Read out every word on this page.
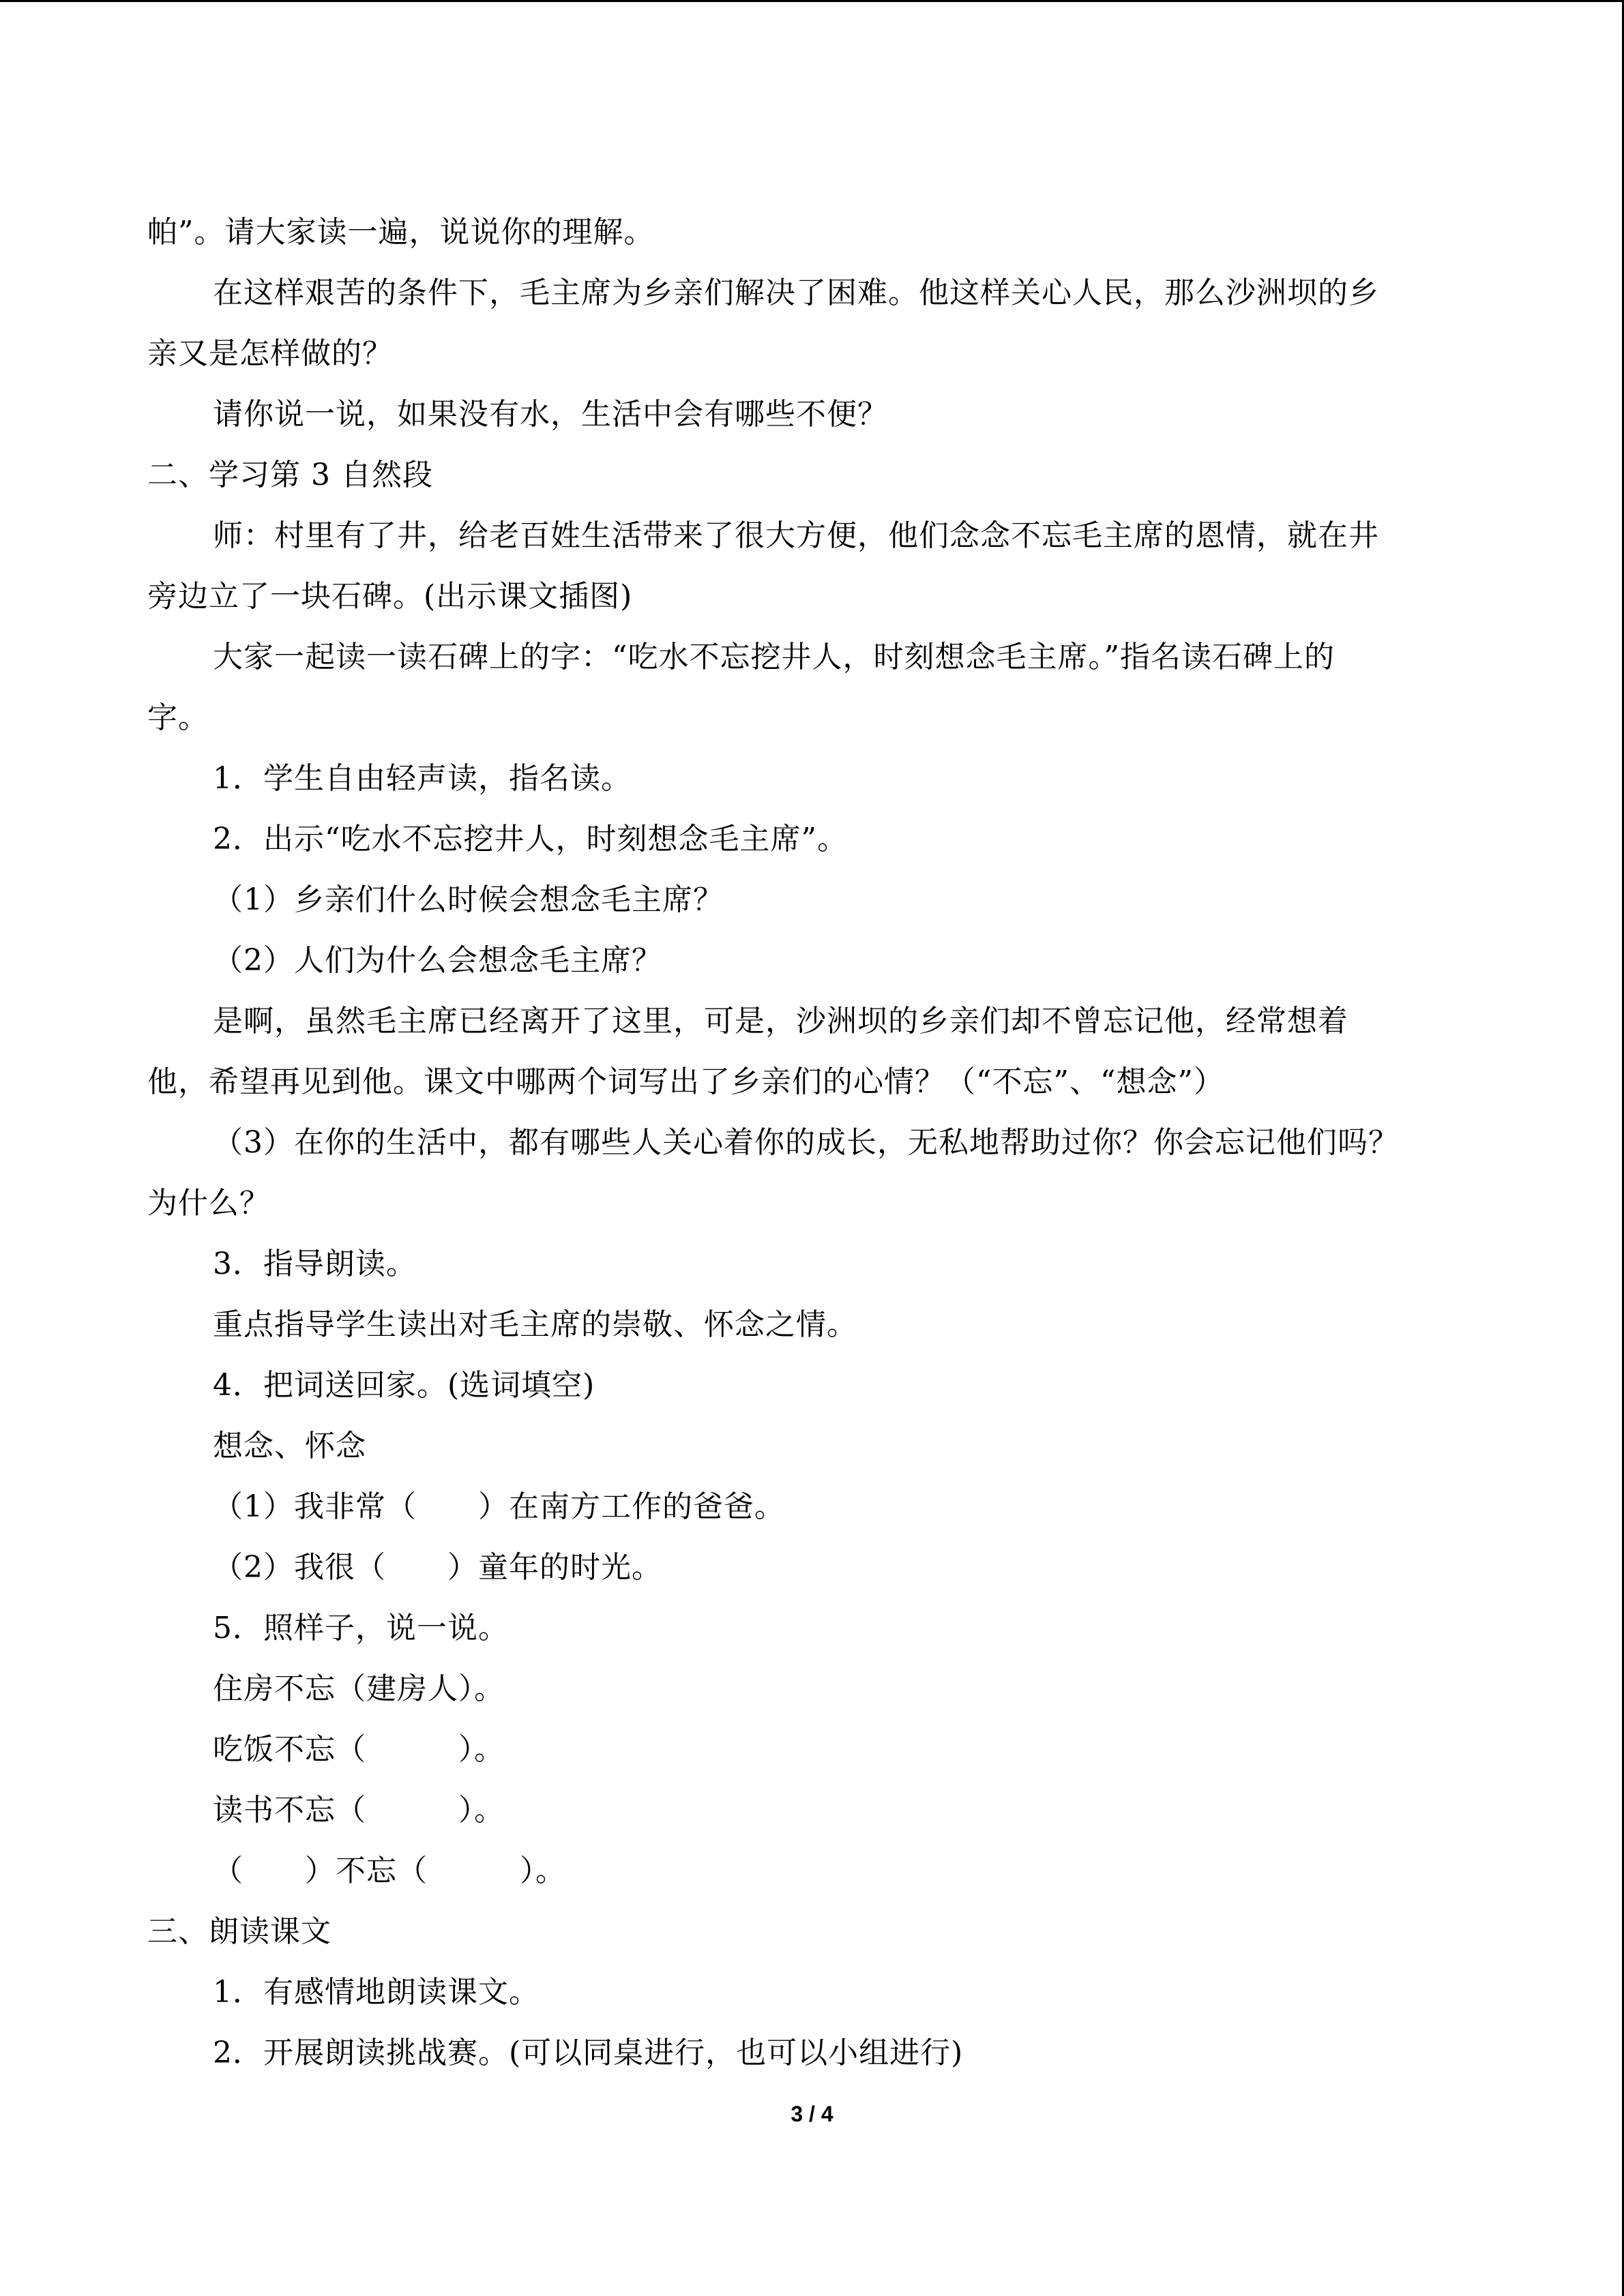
帕”。请大家读一遍，说说你的理解。
在这样艰苦的条件下，毛主席为乡亲们解决了困难。他这样关心人民，那么沙洲坝的乡
亲又是怎样做的？
请你说一说，如果没有水，生活中会有哪些不便？
二、学习第 3 自然段
师：村里有了井，给老百姓生活带来了很大方便，他们念念不忘毛主席的恩情，就在井
旁边立了一块石碑。(出示课文插图)
大家一起读一读石碑上的字：“吃水不忘挖井人，时刻想念毛主席。”指名读石碑上的
字。
1．学生自由轻声读，指名读。
2．出示“吃水不忘挖井人，时刻想念毛主席”。
（1）乡亲们什么时候会想念毛主席？
（2）人们为什么会想念毛主席？
是啊，虽然毛主席已经离开了这里，可是，沙洲坝的乡亲们却不曾忘记他，经常想着
他，希望再见到他。课文中哪两个词写出了乡亲们的心情？（“不忘”、“想念”）
（3）在你的生活中，都有哪些人关心着你的成长，无私地帮助过你？你会忘记他们吗？
为什么？
3．指导朗读。
重点指导学生读出对毛主席的崇敬、怀念之情。
4．把词送回家。(选词填空)
想念、怀念
（1）我非常（　　）在南方工作的爸爸。
（2）我很（　　）童年的时光。
5．照样子，说一说。
住房不忘（建房人）。
吃饭不忘（　　　）。
读书不忘（　　　）。
（　　）不忘（　　　）。
三、朗读课文
1．有感情地朗读课文。
2．开展朗读挑战赛。(可以同桌进行，也可以小组进行)
3 / 4
